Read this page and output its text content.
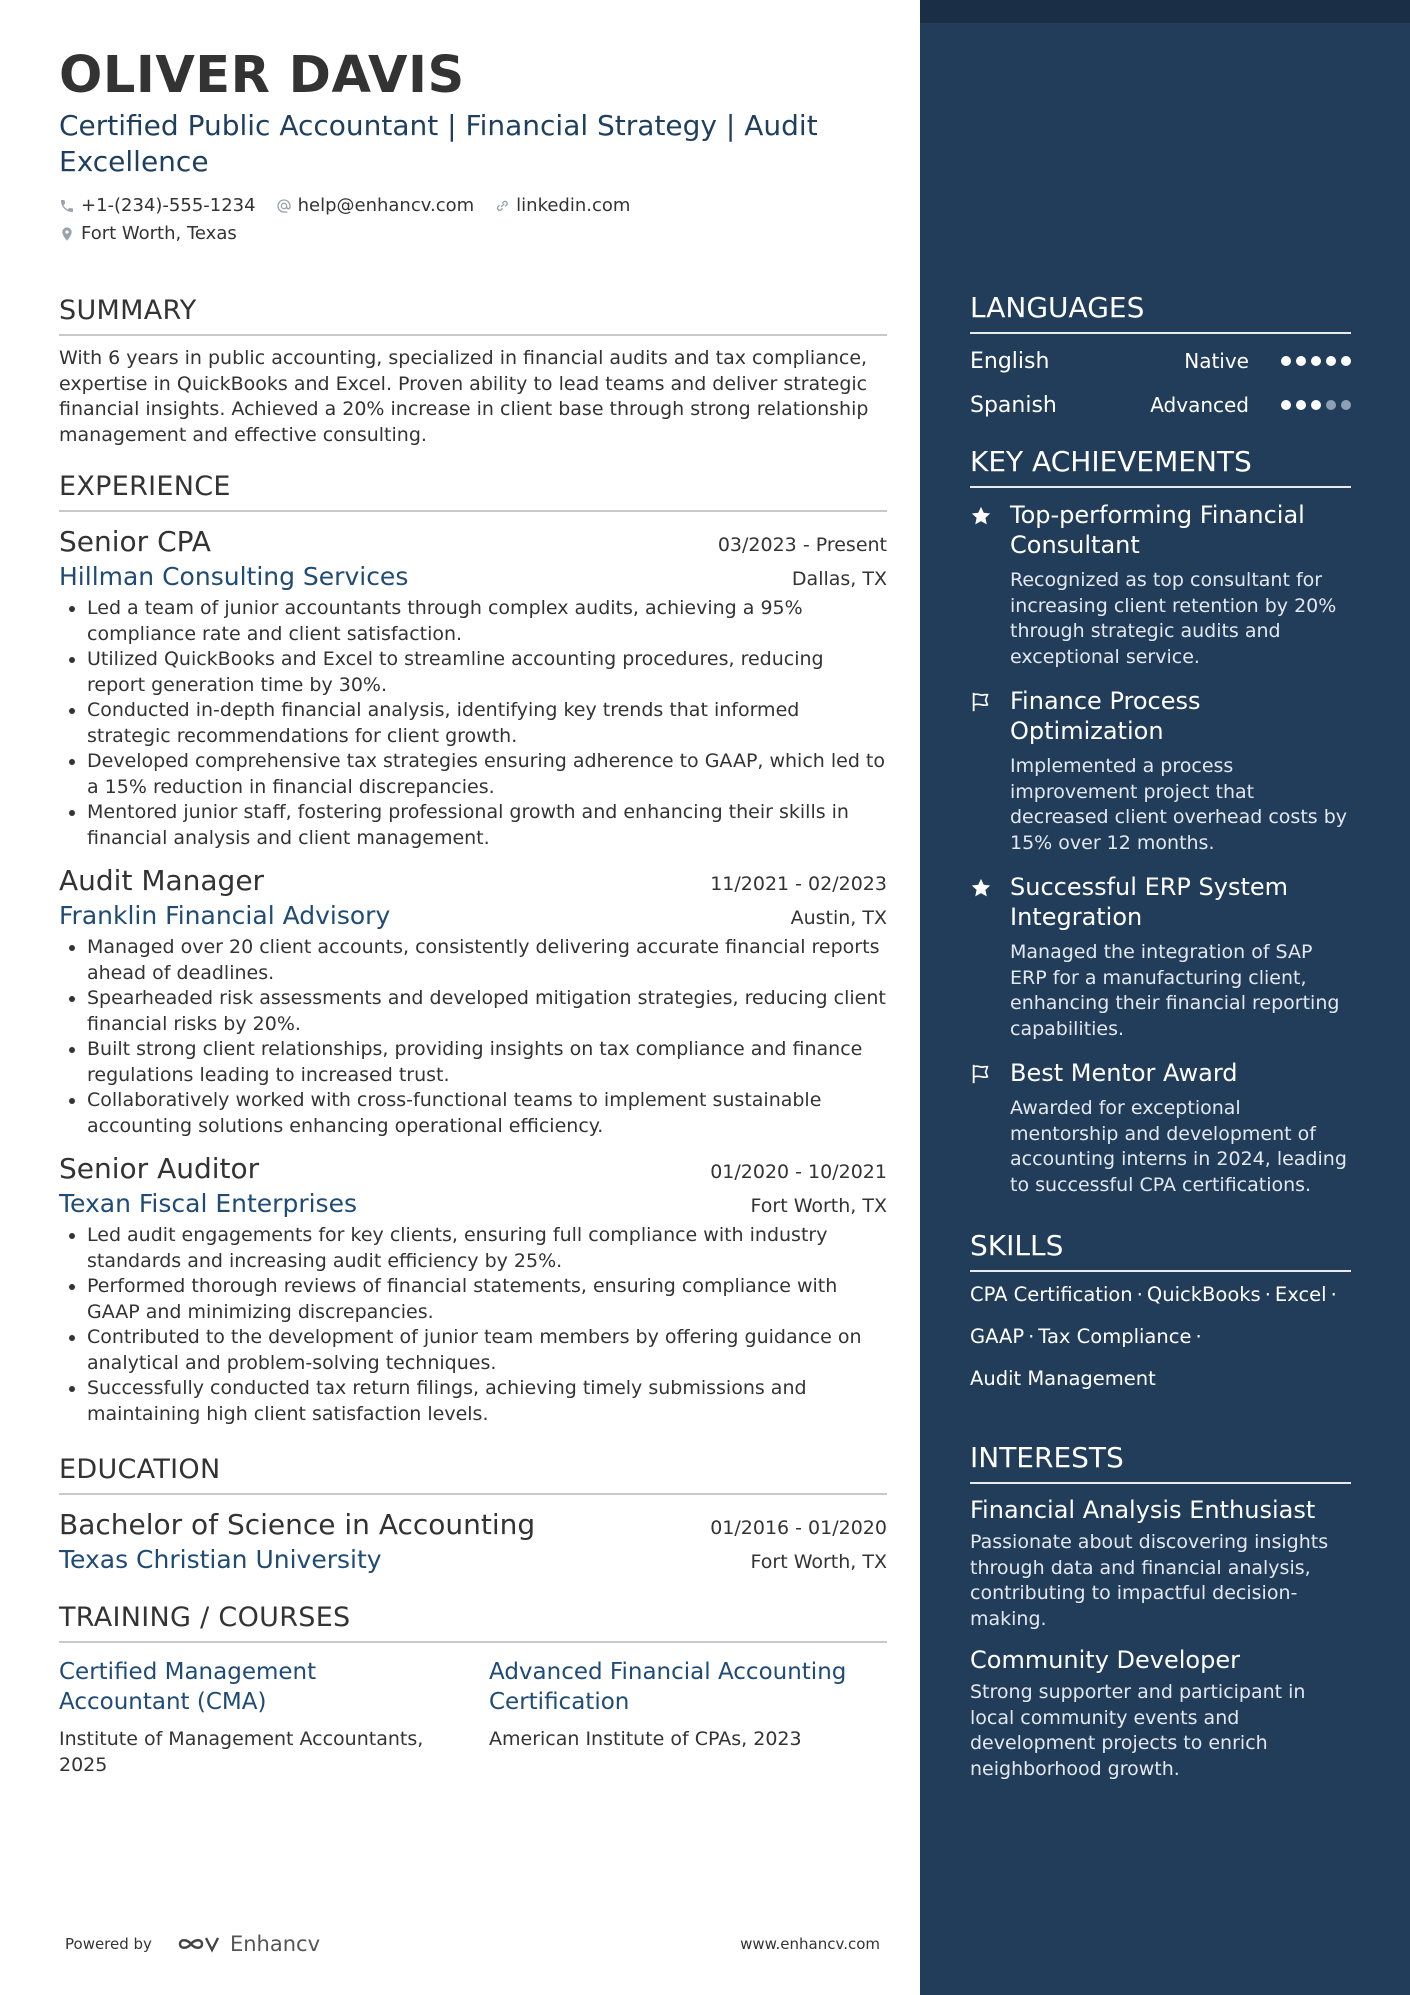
OLIVER DAVIS
Certified Public Accountant | Financial Strategy | Audit Excellence
+1-(234)-555-1234 help@enhancv.com linkedin.com
Fort Worth, Texas
SUMMARY

With 6 years in public accounting, specialized in financial audits and tax compliance, expertise in QuickBooks and Excel. Proven ability to lead teams and deliver strategic financial insights. Achieved a 20% increase in client base through strong relationship management and effective consulting.

EXPERIENCE
Senior CPA	03/2023 - Present
Hillman Consulting Services	Dallas, TX
• Led a team of junior accountants through complex audits, achieving a 95% compliance rate and client satisfaction.
• Utilized QuickBooks and Excel to streamline accounting procedures, reducing report generation time by 30%.
• Conducted in-depth financial analysis, identifying key trends that informed strategic recommendations for client growth.
• Developed comprehensive tax strategies ensuring adherence to GAAP, which led to a 15% reduction in financial discrepancies.
• Mentored junior staff, fostering professional growth and enhancing their skills in financial analysis and client management.
Audit Manager	11/2021 - 02/2023
Franklin Financial Advisory	Austin, TX
• Managed over 20 client accounts, consistently delivering accurate financial reports ahead of deadlines.
• Spearheaded risk assessments and developed mitigation strategies, reducing client financial risks by 20%.
• Built strong client relationships, providing insights on tax compliance and finance regulations leading to increased trust.
• Collaboratively worked with cross-functional teams to implement sustainable accounting solutions enhancing operational efficiency.
Senior Auditor	01/2020 - 10/2021
Texan Fiscal Enterprises	Fort Worth, TX
• Led audit engagements for key clients, ensuring full compliance with industry standards and increasing audit efficiency by 25%.
• Performed thorough reviews of financial statements, ensuring compliance with GAAP and minimizing discrepancies.
• Contributed to the development of junior team members by offering guidance on analytical and problem-solving techniques.
• Successfully conducted tax return filings, achieving timely submissions and maintaining high client satisfaction levels.
EDUCATION
Bachelor of Science in Accounting	01/2016 - 01/2020
Texas Christian University	Fort Worth, TX
TRAINING / COURSES
Certified Management Accountant (CMA)
Institute of Management Accountants, 2025
Advanced Financial Accounting Certification
American Institute of CPAs, 2023
Powered by	Enhancv	www.enhancv.com
LANGUAGES
English	Native
Spanish	Advanced
KEY ACHIEVEMENTS
Top-performing Financial Consultant
Recognized as top consultant for increasing client retention by 20% through strategic audits and exceptional service.
Finance Process Optimization
Implemented a process improvement project that decreased client overhead costs by 15% over 12 months.
Successful ERP System Integration
Managed the integration of SAP ERP for a manufacturing client, enhancing their financial reporting capabilities.
Best Mentor Award
Awarded for exceptional mentorship and development of accounting interns in 2024, leading to successful CPA certifications.
SKILLS
CPA Certification · QuickBooks · Excel ·
GAAP · Tax Compliance ·
Audit Management
INTERESTS
Financial Analysis Enthusiast
Passionate about discovering insights through data and financial analysis, contributing to impactful decision-making.
Community Developer
Strong supporter and participant in local community events and development projects to enrich neighborhood growth.
